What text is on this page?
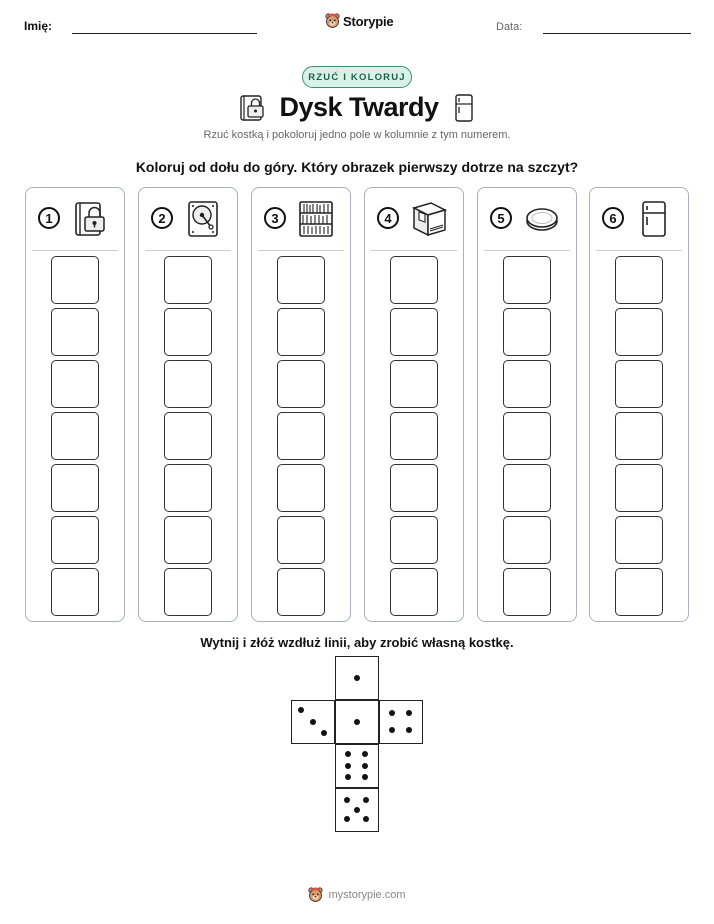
Imię:	Storypie	Data:
RZUĆ I KOLORUJ
Dysk Twardy
Rzuć kostką i pokoloruj jedno pole w kolumnie z tym numerem.
Koloruj od dołu do góry. Który obrazek pierwszy dotrze na szczyt?
1	2	3	4	5	6
Wytnij i złóż wzdłuż linii, aby zrobić własną kostkę.
mystorypie.com
